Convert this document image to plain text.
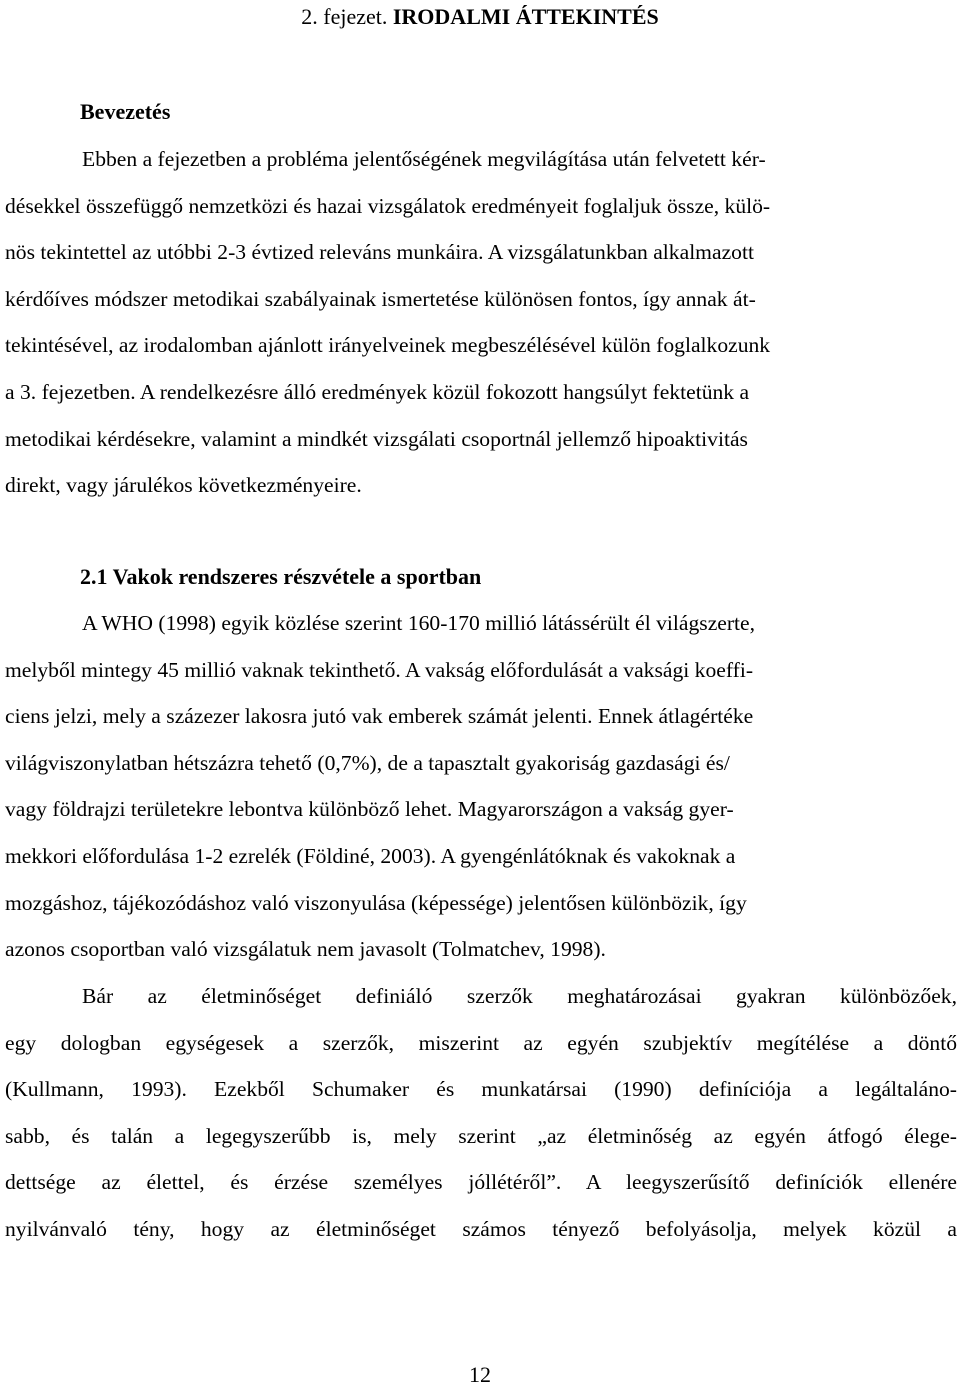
2. fejezet. IRODALMI ÁTTEKINTÉS
Bevezetés
Ebben a fejezetben a probléma jelentőségének megvilágítása után felvetett kér-
désekkel összefüggő nemzetközi és hazai vizsgálatok eredményeit foglaljuk össze, külö-
nös tekintettel az utóbbi 2-3 évtized releváns munkáira. A vizsgálatunkban alkalmazott
kérdőíves módszer metodikai szabályainak ismertetése különösen fontos, így annak át-
tekintésével, az irodalomban ajánlott irányelveinek megbeszélésével külön foglalkozunk
a 3. fejezetben. A rendelkezésre álló eredmények közül fokozott hangsúlyt fektetünk a
metodikai kérdésekre, valamint a mindkét vizsgálati csoportnál jellemző hipoaktivitás
direkt, vagy járulékos következményeire.
2.1 Vakok rendszeres részvétele a sportban
A WHO (1998) egyik közlése szerint 160-170 millió látássérült él világszerte,
melyből mintegy 45 millió vaknak tekinthető. A vakság előfordulását a vaksági koeffi-
ciens jelzi, mely a százezer lakosra jutó vak emberek számát jelenti. Ennek átlagértéke
világviszonylatban hétszázra tehető (0,7%), de a tapasztalt gyakoriság gazdasági és/
vagy földrajzi területekre lebontva különböző lehet. Magyarországon a vakság gyer-
mekkori előfordulása 1-2 ezrelék (Földiné, 2003). A gyengénlátóknak és vakoknak a
mozgáshoz, tájékozódáshoz való viszonyulása (képessége) jelentősen különbözik, így
azonos csoportban való vizsgálatuk nem javasolt (Tolmatchev, 1998).
Bár az életminőséget definiáló szerzők meghatározásai gyakran különbözőek,
egy dologban egységesek a szerzők, miszerint az egyén szubjektív megítélése a döntő
(Kullmann, 1993). Ezekből Schumaker és munkatársai (1990) definíciója a legáltaláno-
sabb, és talán a legegyszerűbb is, mely szerint „az életminőség az egyén átfogó élege-
dettsége az élettel, és érzése személyes jóllétéről”. A leegyszerűsítő definíciók ellenére
nyilvánvaló tény, hogy az életminőséget számos tényező befolyásolja, melyek közül a
12
